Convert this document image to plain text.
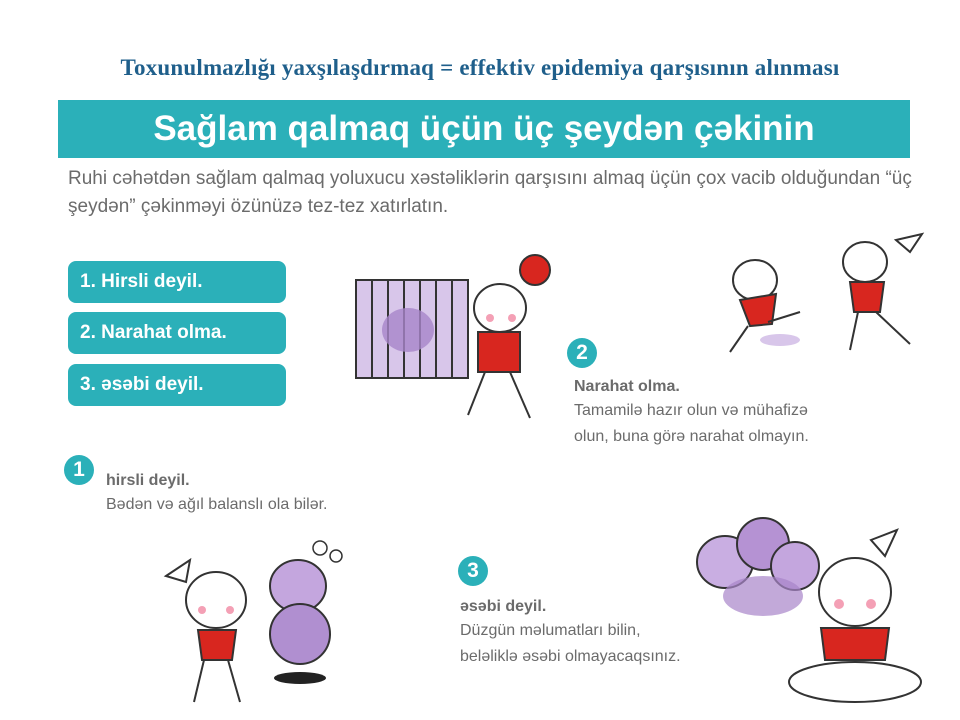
Toxunulmazlığı yaxşılaşdırmaq = effektiv epidemiya qarşısının alınması
Sağlam qalmaq üçün üç şeydən çəkinin
Ruhi cəhətdən sağlam qalmaq yoluxucu xəstəliklərin qarşısını almaq üçün çox vacib olduğundan “üç şeydən” çəkinməyi özünüzə tez-tez xatırlatın.
1. Hirsli deyil.
2. Narahat olma.
3. əsəbi deyil.
1	hirsli deyil.
Bədən və ağıl balanslı ola bilər.
2
Narahat olma.
Tamamilə hazır olun və mühafizə
olun, buna görə narahat olmayın.
3
əsəbi deyil.
Düzgün məlumatları bilin,
beləliklə əsəbi olmayacaqsınız.
